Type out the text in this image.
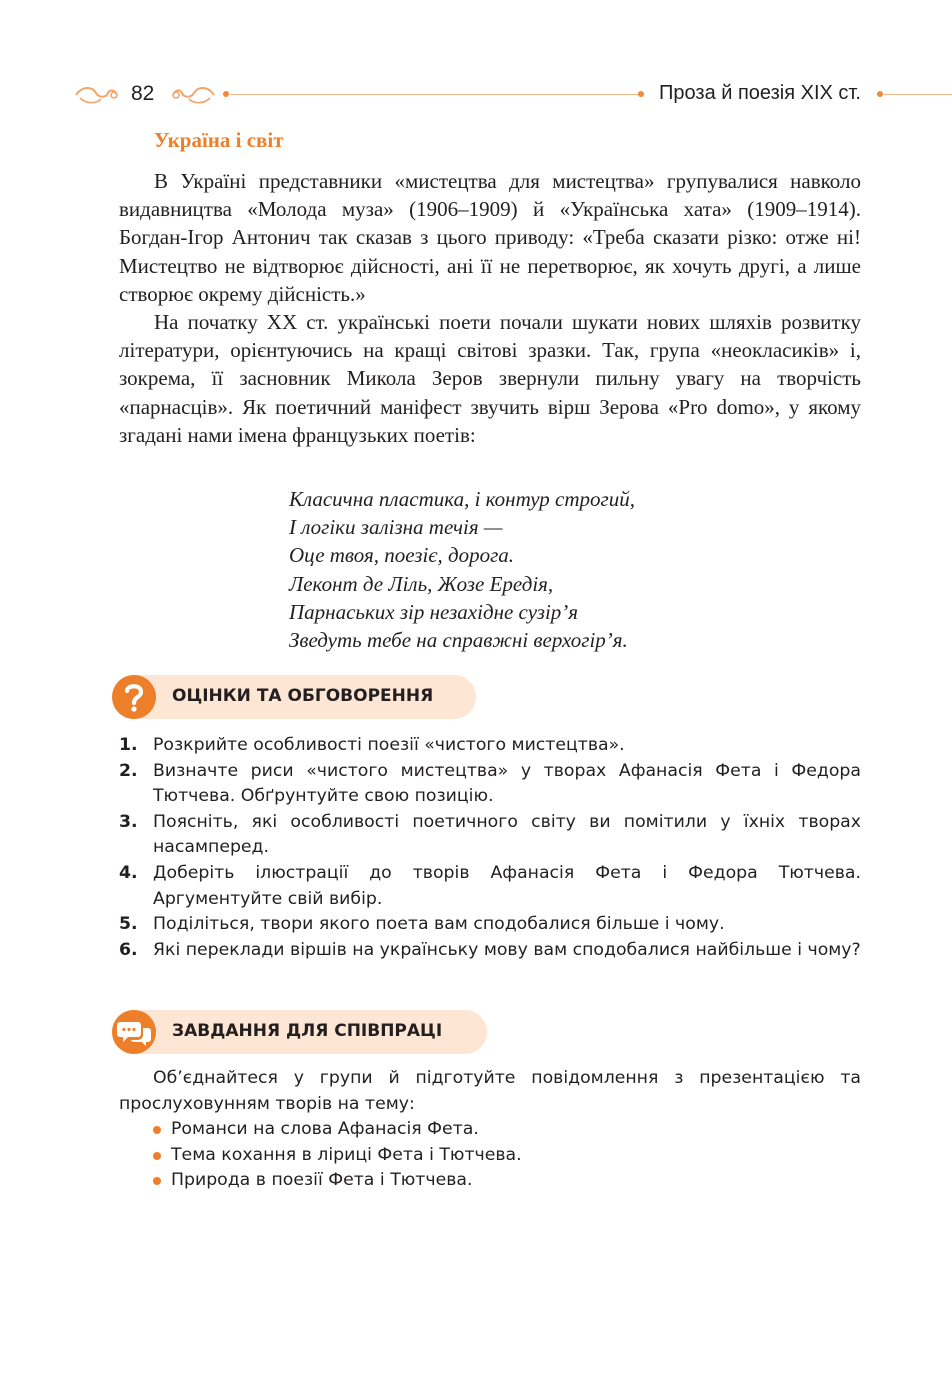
82	Проза й поезія XIX ст.
Україна і світ

В Україні представники «мистецтва для мистецтва» групувалися навколо видавництва «Молода муза» (1906–1909) й «Українська хата» (1909–1914). Богдан-Ігор Антонич так сказав з цього приводу: «Треба сказати різко: отже ні! Мистецтво не відтворює дійсності, ані її не перетворює, як хочуть другі, а лише створює окрему дійсність.»

На початку XX ст. українські поети почали шукати нових шляхів розвитку літератури, орієнтуючись на кращі світові зразки. Так, група «неокласиків» і, зокрема, її засновник Микола Зеров звернули пильну увагу на творчість «парнасців». Як поетичний маніфест звучить вірш Зерова «Pro domo», у якому згадані нами імена французьких поетів:

Класична пластика, і контур строгий,
І логіки залізна течія —
Оце твоя, поезіє, дорога.
Леконт де Ліль, Жозе Ередія,
Парнаських зір незахідне сузір’я
Зведуть тебе на справжні верхогір’я.
ОЦІНКИ ТА ОБГОВОРЕННЯ
1. Розкрийте особливості поезії «чистого мистецтва».
2. Визначте риси «чистого мистецтва» у творах Афанасія Фета і Федора Тютчева. Обґрунтуйте свою позицію.
3. Поясніть, які особливості поетичного світу ви помітили у їхніх творах насамперед.
4. Доберіть ілюстрації до творів Афанасія Фета і Федора Тютчева. Аргументуйте свій вибір.
5. Поділіться, твори якого поета вам сподобалися більше і чому.
6. Які переклади віршів на українську мову вам сподобалися найбільше і чому?
ЗАВДАННЯ ДЛЯ СПІВПРАЦІ

Об’єднайтеся у групи й підготуйте повідомлення з презентацією та прослуховунням творів на тему:

Романси на слова Афанасія Фета.
Тема кохання в ліриці Фета і Тютчева.
Природа в поезії Фета і Тютчева.
